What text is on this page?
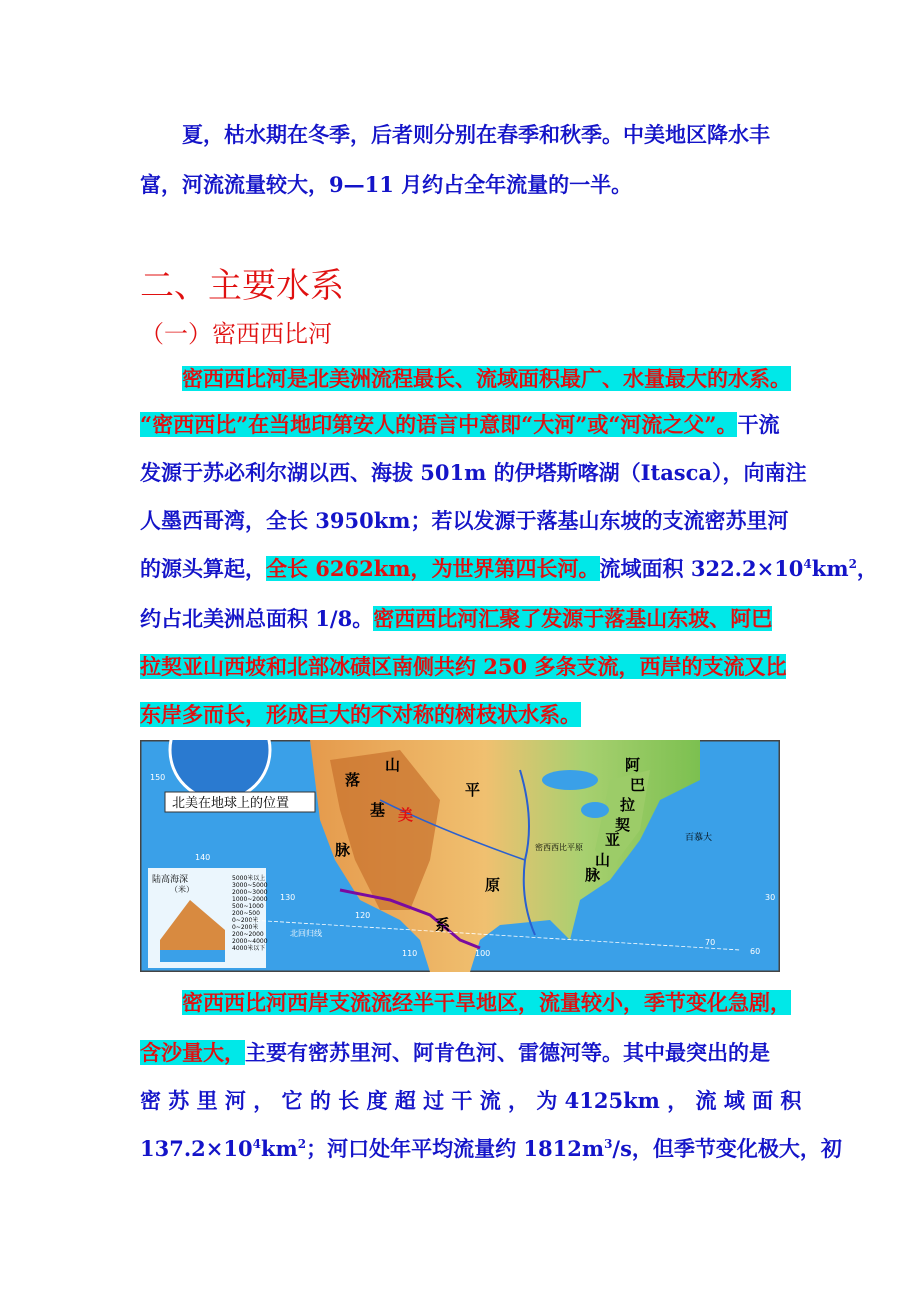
夏，枯水期在冬季，后者则分别在春季和秋季。中美地区降水丰
富，河流流量较大，9—11 月约占全年流量的一半。
二、主要水系
（一）密西西比河
密西西比河是北美洲流程最长、流域面积最广、水量最大的水系。
“密西西比”在当地印第安人的语言中意即“大河”或“河流之父”。干流
发源于苏必利尔湖以西、海拔 501m 的伊塔斯喀湖（Itasca），向南注
人墨西哥湾，全长 3950km；若以发源于落基山东坡的支流密苏里河
的源头算起，全长 6262km，为世界第四长河。流域面积 $322.2\times 10^4km^2$，
约占北美洲总面积 1/8。密西西比河汇聚了发源于落基山东坡、阿巴
拉契亚山西坡和北部冰碛区南侧共约 250 多条支流，西岸的支流又比
东岸多而长，形成巨大的不对称的树枝状水系。
北美在地球上的位置
陆高海深
（米）
5000米以上
3000~5000
2000~3000
1000~2000
500~1000
200~500
0~200米
0~200米
200~2000
2000~4000
4000米以下
落
基
山
脉
系
平
原
阿
巴
拉
契
亚
山
脉
美
密西西比平原
百慕大
北回归线
150
140
130
120
110	100
70
60
30
密西西比河西岸支流流经半干旱地区，流量较小，季节变化急剧，
含沙量大，主要有密苏里河、阿肯色河、雷德河等。其中最突出的是
密 苏 里 河 ， 它 的 长 度 超 过 干 流 ， 为 4125km ， 流 域 面 积
$137.2\times 10^4km^2$；河口处年平均流量约 $1812m^3/s$，但季节变化极大，初
